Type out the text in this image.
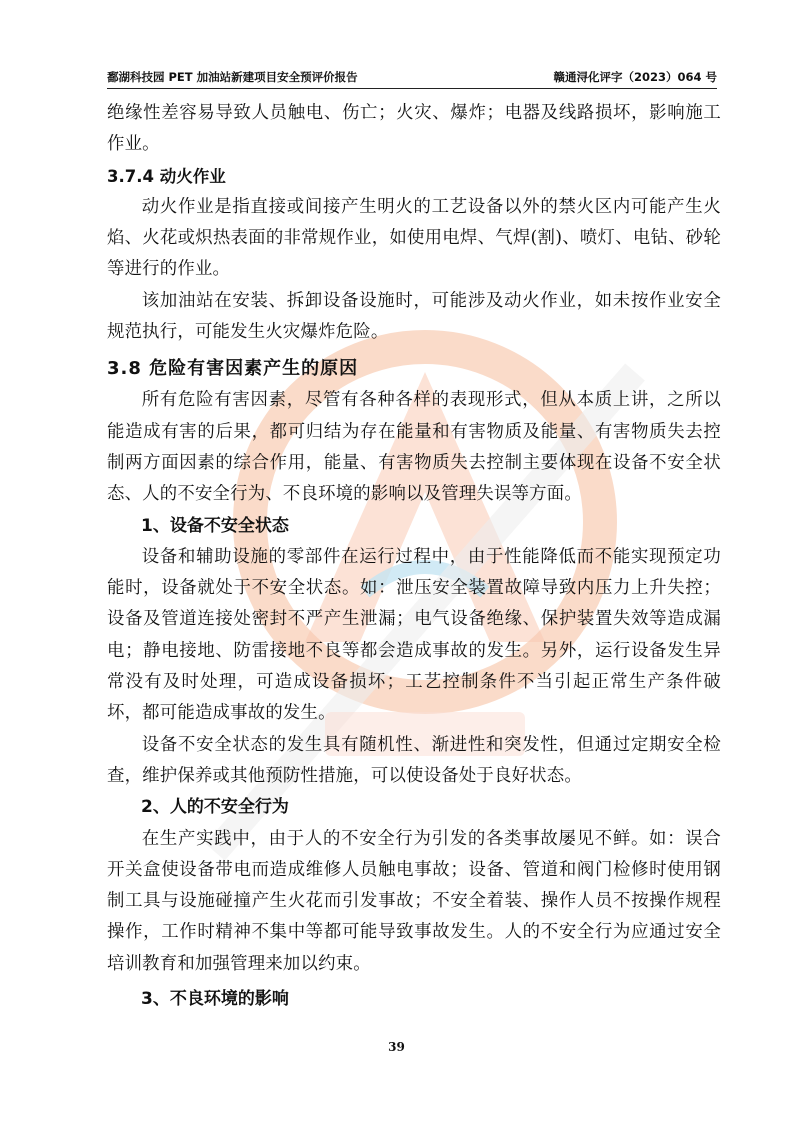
鄱湖科技园 PET 加油站新建项目安全预评价报告	赣通浔化评字（2023）064 号

绝缘性差容易导致人员触电、伤亡；火灾、爆炸；电器及线路损坏，影响施工作业。

3.7.4 动火作业

动火作业是指直接或间接产生明火的工艺设备以外的禁火区内可能产生火焰、火花或炽热表面的非常规作业，如使用电焊、气焊(割)、喷灯、电钻、砂轮等进行的作业。

该加油站在安装、拆卸设备设施时，可能涉及动火作业，如未按作业安全规范执行，可能发生火灾爆炸危险。

3.8 危险有害因素产生的原因

所有危险有害因素，尽管有各种各样的表现形式，但从本质上讲，之所以能造成有害的后果，都可归结为存在能量和有害物质及能量、有害物质失去控制两方面因素的综合作用，能量、有害物质失去控制主要体现在设备不安全状态、人的不安全行为、不良环境的影响以及管理失误等方面。

1、设备不安全状态

设备和辅助设施的零部件在运行过程中，由于性能降低而不能实现预定功能时，设备就处于不安全状态。如：泄压安全装置故障导致内压力上升失控；设备及管道连接处密封不严产生泄漏；电气设备绝缘、保护装置失效等造成漏电；静电接地、防雷接地不良等都会造成事故的发生。另外，运行设备发生异常没有及时处理，可造成设备损坏；工艺控制条件不当引起正常生产条件破坏，都可能造成事故的发生。

设备不安全状态的发生具有随机性、渐进性和突发性，但通过定期安全检查，维护保养或其他预防性措施，可以使设备处于良好状态。

2、人的不安全行为

在生产实践中，由于人的不安全行为引发的各类事故屡见不鲜。如：误合开关盒使设备带电而造成维修人员触电事故；设备、管道和阀门检修时使用钢制工具与设施碰撞产生火花而引发事故；不安全着装、操作人员不按操作规程操作，工作时精神不集中等都可能导致事故发生。人的不安全行为应通过安全培训教育和加强管理来加以约束。

3、不良环境的影响
39
